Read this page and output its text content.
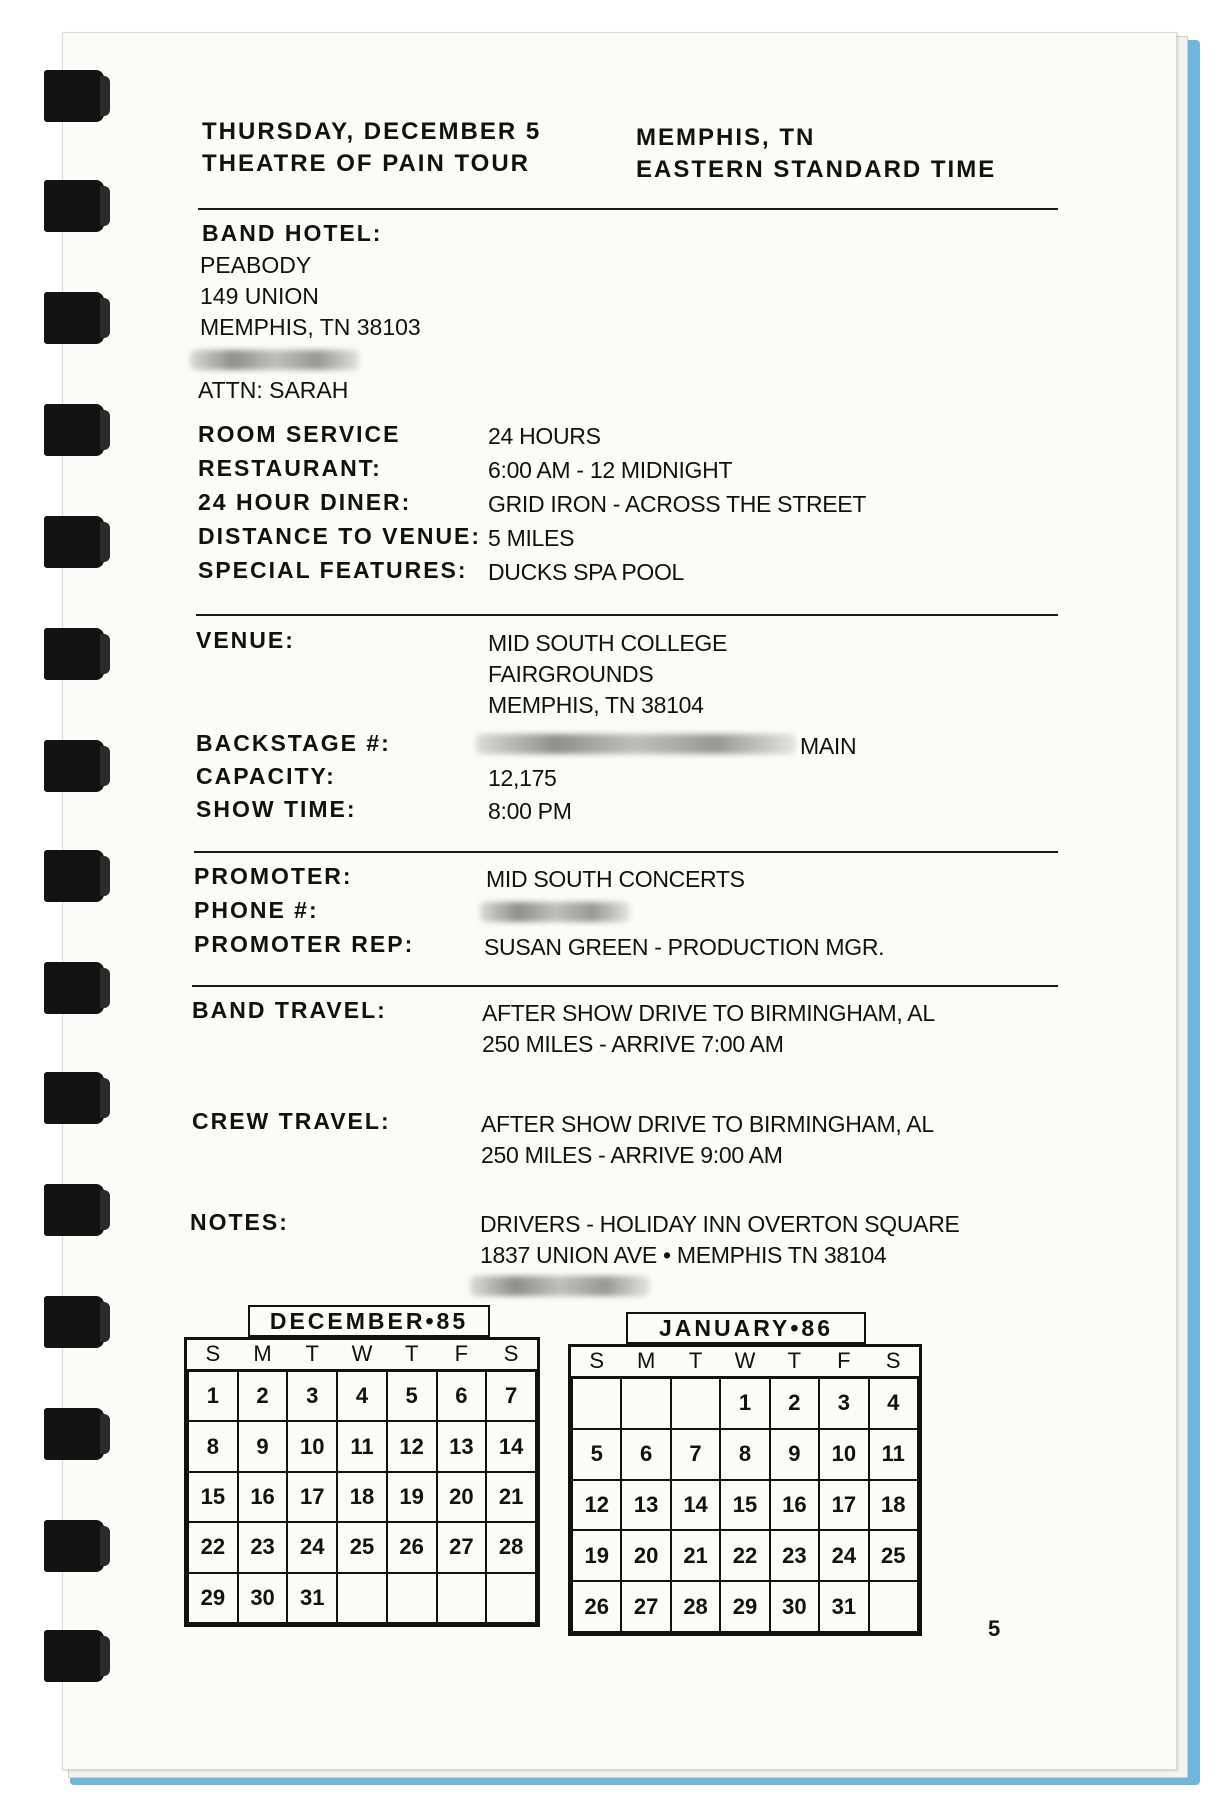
THURSDAY, DECEMBER 5
THEATRE OF PAIN TOUR
MEMPHIS, TN
EASTERN STANDARD TIME
BAND HOTEL:
PEABODY
149 UNION
MEMPHIS, TN 38103
ATTN: SARAH
ROOM SERVICE	24 HOURS
RESTAURANT:	6:00 AM - 12 MIDNIGHT
24 HOUR DINER:	GRID IRON - ACROSS THE STREET
DISTANCE TO VENUE: 5 MILES
SPECIAL FEATURES: DUCKS SPA POOL
VENUE:	MID SOUTH COLLEGE
FAIRGROUNDS
MEMPHIS, TN 38104
BACKSTAGE #:	MAIN
CAPACITY:	12,175
SHOW TIME:	8:00 PM
PROMOTER:	MID SOUTH CONCERTS
PHONE #:
PROMOTER REP:	SUSAN GREEN - PRODUCTION MGR.
BAND TRAVEL:	AFTER SHOW DRIVE TO BIRMINGHAM, AL
250 MILES - ARRIVE 7:00 AM
CREW TRAVEL:	AFTER SHOW DRIVE TO BIRMINGHAM, AL
250 MILES - ARRIVE 9:00 AM
NOTES:	DRIVERS - HOLIDAY INN OVERTON SQUARE
1837 UNION AVE • MEMPHIS TN 38104
DECEMBER•85
S	M	T	W	T	F	S
1	2	3	4	5	6	7
8	9	10	11	12	13	14
15	16	17	18	19	20	21
22	23	24	25	26	27	28
29	30	31				
JANUARY•86
S	M	T	W	T	F	S
			1	2	3	4
5	6	7	8	9	10	11
12	13	14	15	16	17	18
19	20	21	22	23	24	25
26	27	28	29	30	31	
5
